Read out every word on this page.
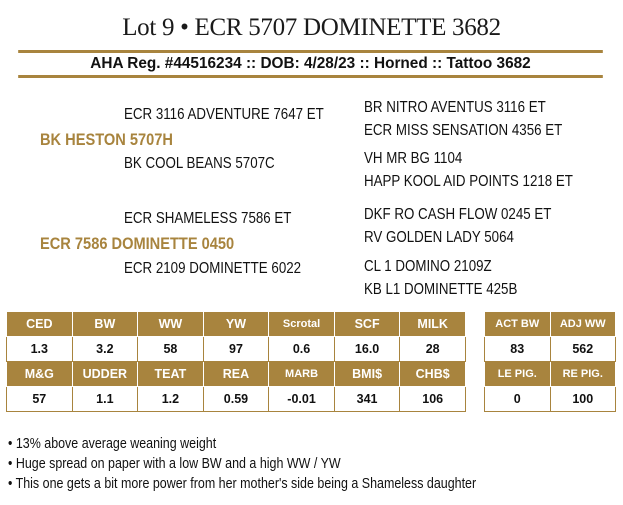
Lot 9 • ECR 5707 DOMINETTE 3682
AHA Reg. #44516234 :: DOB: 4/28/23 :: Horned :: Tattoo 3682
ECR 3116 ADVENTURE 7647 ET
BK HESTON 5707H
BK COOL BEANS 5707C
BR NITRO AVENTUS 3116 ET
ECR MISS SENSATION 4356 ET
VH MR BG 1104
HAPP KOOL AID POINTS 1218 ET
ECR SHAMELESS 7586 ET
ECR 7586 DOMINETTE 0450
ECR 2109 DOMINETTE 6022
DKF RO CASH FLOW 0245 ET
RV GOLDEN LADY 5064
CL 1 DOMINO 2109Z
KB L1 DOMINETTE 425B
CED	BW	WW	YW	Scrotal	SCF	MILK
1.3	3.2	58	97	0.6	16.0	28
M&G	UDDER	TEAT	REA	MARB	BMI$	CHB$
57	1.1	1.2	0.59	-0.01	341	106
ACT BW	ADJ WW
83	562
LE PIG.	RE PIG.
0	100
• 13% above average weaning weight
• Huge spread on paper with a low BW and a high WW / YW
• This one gets a bit more power from her mother's side being a Shameless daughter
